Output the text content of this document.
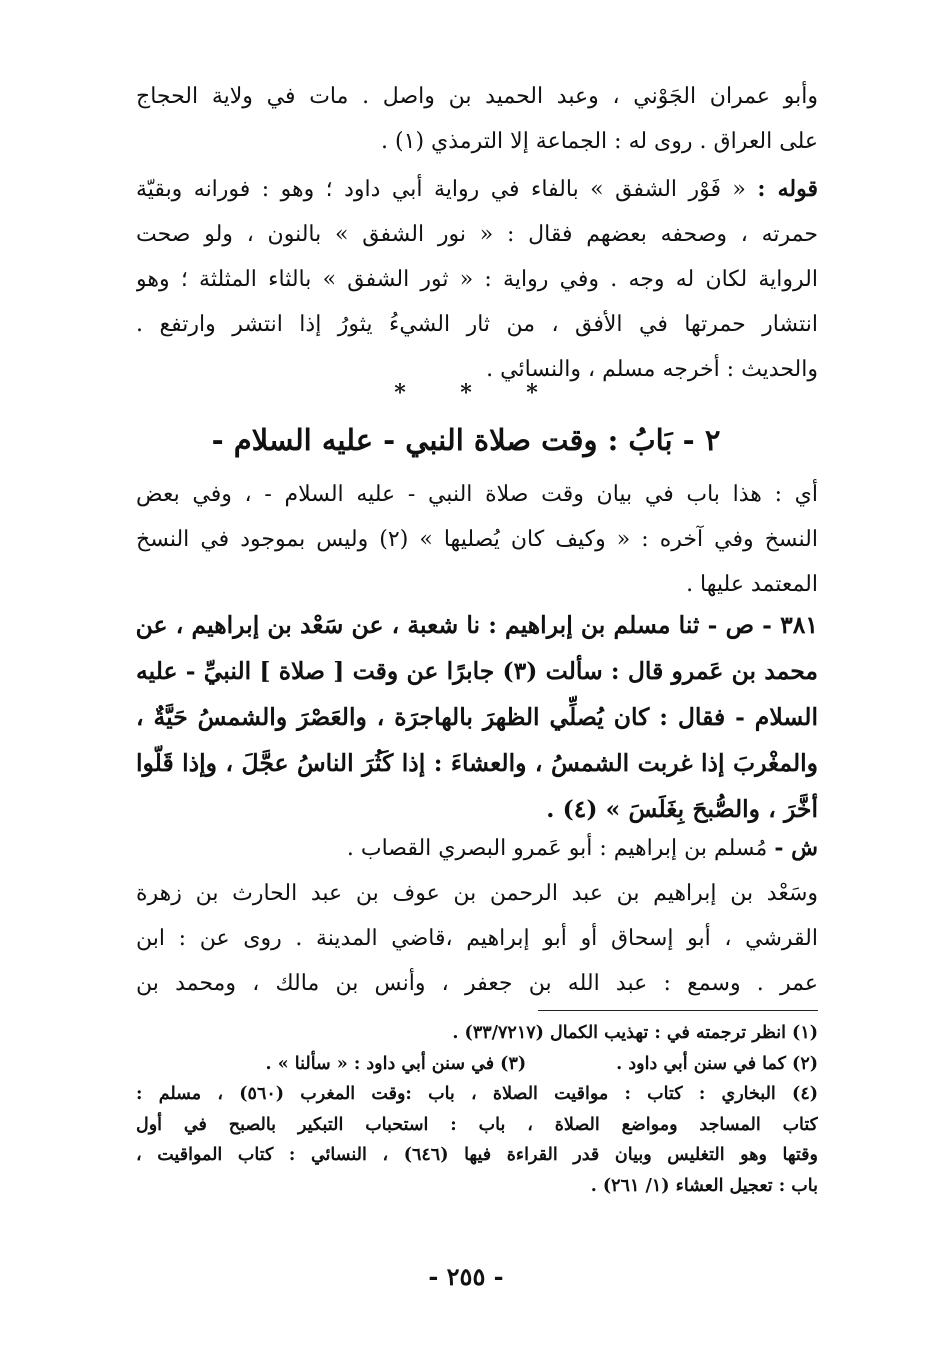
وأبو عمران الجَوْني ، وعبد الحميد بن واصل . مات في ولاية الحجاج
على العراق . روى له : الجماعة إلا الترمذي (١) .
قوله : « فَوْر الشفق » بالفاء في رواية أبي داود ؛ وهو : فورانه وبقيّة
حمرته ، وصحفه بعضهم فقال : « نور الشفق » بالنون ، ولو صحت
الرواية لكان له وجه . وفي رواية : « ثور الشفق » بالثاء المثلثة ؛ وهو
انتشار حمرتها في الأفق ، من ثار الشيءُ يثورُ إذا انتشر وارتفع .
والحديث : أخرجه مسلم ، والنسائي .
* * *
٢ - بَابُ : وقت صلاة النبي - عليه السلام -
أي : هذا باب في بيان وقت صلاة النبي - عليه السلام - ، وفي بعض
النسخ وفي آخره : « وكيف كان يُصليها » (٢) وليس بموجود في النسخ
المعتمد عليها .
٣٨١ - ص - ثنا مسلم بن إبراهيم : نا شعبة ، عن سَعْد بن إبراهيم ، عن
محمد بن عَمرو قال : سألت (٣) جابرًا عن وقت [ صلاة ] النبيِّ - عليه
السلام - فقال : كان يُصلِّي الظهرَ بالهاجرَة ، والعَصْرَ والشمسُ حَيَّةٌ ،
والمغْربَ إذا غربت الشمسُ ، والعشاءَ : إذا كَثُرَ الناسُ عجَّلَ ، وإذا قَلّوا
أخَّرَ ، والصُّبحَ بِغَلَسَ » (٤) .
ش - مُسلم بن إبراهيم : أبو عَمرو البصري القصاب .
وسَعْد بن إبراهيم بن عبد الرحمن بن عوف بن عبد الحارث بن زهرة
القرشي ، أبو إسحاق أو أبو إبراهيم ،قاضي المدينة . روى عن : ابن
عمر . وسمع : عبد الله بن جعفر ، وأنس بن مالك ، ومحمد بن
(١) انظر ترجمته في : تهذيب الكمال (٣٣/٧٢١٧) .
(٢) كما في سنن أبي داود .
(٣) في سنن أبي داود : « سألنا » .
(٤) البخاري : كتاب : مواقيت الصلاة ، باب :وقت المغرب (٥٦٠) ، مسلم :
كتاب المساجد ومواضع الصلاة ، باب : استحباب التبكير بالصبح في أول
وقتها وهو التغليس وبيان قدر القراءة فيها (٦٤٦) ، النسائي : كتاب المواقيت ،
باب : تعجيل العشاء (١/ ٢٦١) .
- ٢٥٥ -
